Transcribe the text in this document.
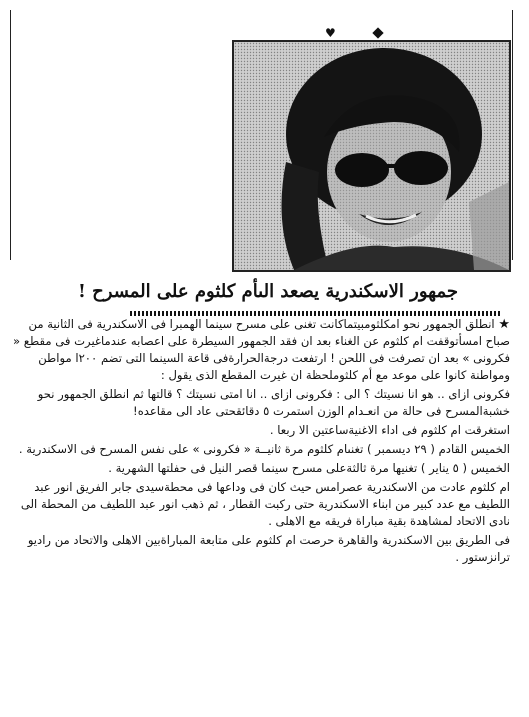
♥
جمهور الاسكندرية يصعد الىأم كلثوم على المسرح !

★ انطلق الجمهور نحو امكلثومبيتماكانت تغنى على مسرح سينما الهمبرا فى الاسكندرية فى الثانية من صباح امسأتوقفت ام كلثوم عن الغناء بعد ان فقد الجمهور السيطرة على اعصابه عندماغيرت فى مقطع « فكرونى » بعد ان تصرفت فى اللحن ! ارتفعت درجةالحرارةفى قاعة السينما التى تضم ٢٠٠ا مواطن ومواطنة كانوا على موعد مع أم كلثوملحظة ان غيرت المقطع الذى يقول :

فكرونى ازاى .. هو انا نسيتك ؟ الى : فكرونى ازاى .. انا امتى نسيتك ؟ قالتها ثم انطلق الجمهور نحو خشبةالمسرح فى حالة من انعـدام الوزن استمرت ٥ دقائقحتى عاد الى مقاعده!

استغرقت ام كلثوم فى اداء الاغنيةساعتين الا ربعا .

الخميس القادم ( ٢٩ ديسمبر ) تغنىام كلثوم مرة ثانيــة « فكرونى » على نفس المسرح فى الاسكندرية .

الخميس ( ٥ يناير ) تغنيها مرة ثالثةعلى مسرح سينما قصر النيل فى حفلتها الشهرية .

ام كلثوم عادت من الاسكندرية عصرامس حيث كان فى وداعها فى محطةسيدى جابر الفريق انور عبد اللطيف مع عدد كبير من ابناء الاسكندرية حتى ركبت القطار ، ثم ذهب انور عبد اللطيف من المحطة الى نادى الاتحاد لمشاهدة بقية مباراة فريقه مع الاهلى .

فى الطريق بين الاسكندرية والقاهرة حرصت ام كلثوم على متابعة المباراةبين الاهلى والاتحاد من راديو ترانزستور .
